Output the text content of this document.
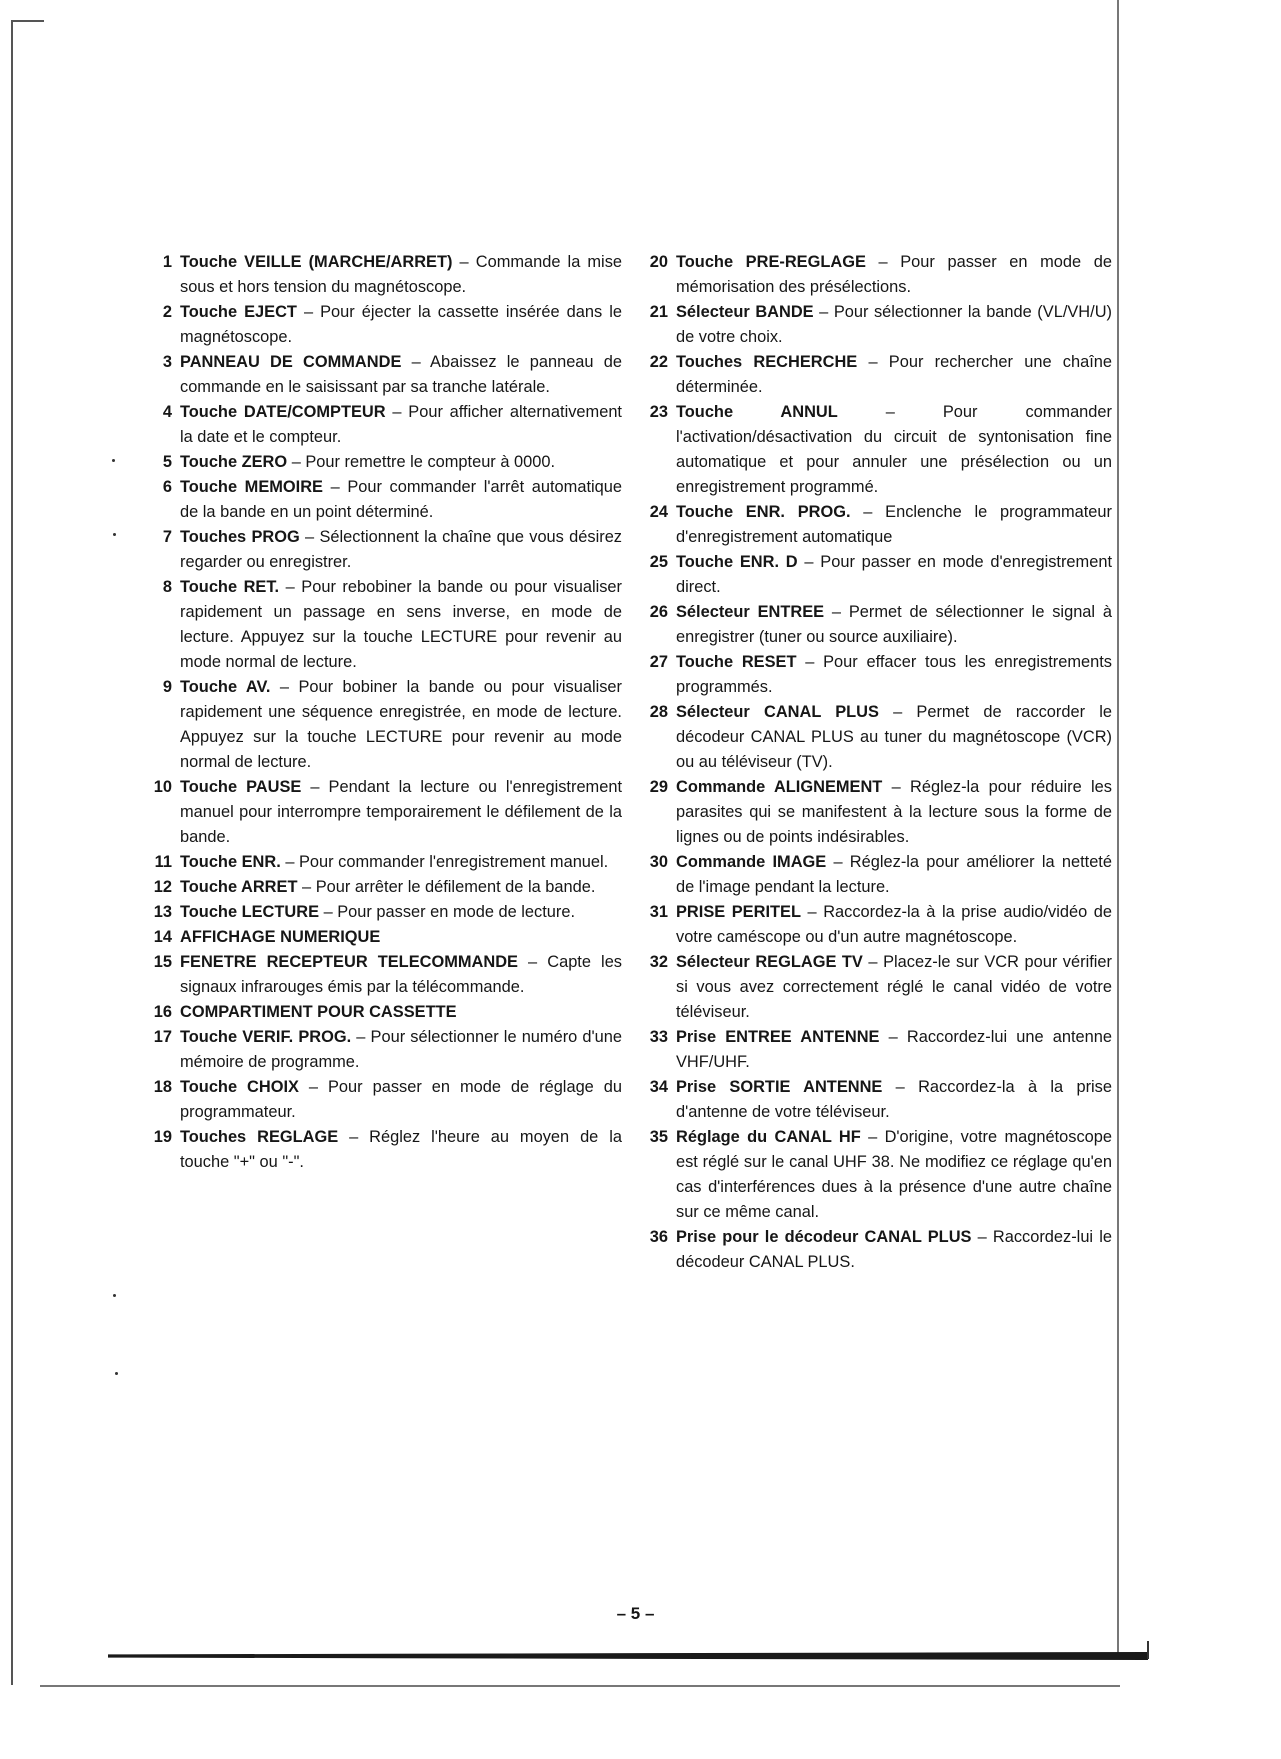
1 Touche VEILLE (MARCHE/ARRET) – Commande la mise sous et hors tension du magnétoscope.

2 Touche EJECT – Pour éjecter la cassette insérée dans le magnétoscope.

3 PANNEAU DE COMMANDE – Abaissez le panneau de commande en le saisissant par sa tranche latérale.

4 Touche DATE/COMPTEUR – Pour afficher alternativement la date et le compteur.

5 Touche ZERO – Pour remettre le compteur à 0000.

6 Touche MEMOIRE – Pour commander l'arrêt automatique de la bande en un point déterminé.

7 Touches PROG – Sélectionnent la chaîne que vous désirez regarder ou enregistrer.

8 Touche RET. – Pour rebobiner la bande ou pour visualiser rapidement un passage en sens inverse, en mode de lecture. Appuyez sur la touche LECTURE pour revenir au mode normal de lecture.

9 Touche AV. – Pour bobiner la bande ou pour visualiser rapidement une séquence enregistrée, en mode de lecture. Appuyez sur la touche LECTURE pour revenir au mode normal de lecture.

10 Touche PAUSE – Pendant la lecture ou l'enregistrement manuel pour interrompre temporairement le défilement de la bande.

11 Touche ENR. – Pour commander l'enregistrement manuel.

12 Touche ARRET – Pour arrêter le défilement de la bande.

13 Touche LECTURE – Pour passer en mode de lecture.

14 AFFICHAGE NUMERIQUE

15 FENETRE RECEPTEUR TELECOMMANDE – Capte les signaux infrarouges émis par la télécommande.

16 COMPARTIMENT POUR CASSETTE

17 Touche VERIF. PROG. – Pour sélectionner le numéro d'une mémoire de programme.

18 Touche CHOIX – Pour passer en mode de réglage du programmateur.

19 Touches REGLAGE – Réglez l'heure au moyen de la touche "+" ou "-".

20 Touche PRE-REGLAGE – Pour passer en mode de mémorisation des présélections.

21 Sélecteur BANDE – Pour sélectionner la bande (VL/VH/U) de votre choix.

22 Touches RECHERCHE – Pour rechercher une chaîne déterminée.

23 Touche ANNUL – Pour commander l'activation/désactivation du circuit de syntonisation fine automatique et pour annuler une présélection ou un enregistrement programmé.

24 Touche ENR. PROG. – Enclenche le programmateur d'enregistrement automatique

25 Touche ENR. D – Pour passer en mode d'enregistrement direct.

26 Sélecteur ENTREE – Permet de sélectionner le signal à enregistrer (tuner ou source auxiliaire).

27 Touche RESET – Pour effacer tous les enregistrements programmés.

28 Sélecteur CANAL PLUS – Permet de raccorder le décodeur CANAL PLUS au tuner du magnétoscope (VCR) ou au téléviseur (TV).

29 Commande ALIGNEMENT – Réglez-la pour réduire les parasites qui se manifestent à la lecture sous la forme de lignes ou de points indésirables.

30 Commande IMAGE – Réglez-la pour améliorer la netteté de l'image pendant la lecture.

31 PRISE PERITEL – Raccordez-la à la prise audio/vidéo de votre caméscope ou d'un autre magnétoscope.

32 Sélecteur REGLAGE TV – Placez-le sur VCR pour vérifier si vous avez correctement réglé le canal vidéo de votre téléviseur.

33 Prise ENTREE ANTENNE – Raccordez-lui une antenne VHF/UHF.

34 Prise SORTIE ANTENNE – Raccordez-la à la prise d'antenne de votre téléviseur.

35 Réglage du CANAL HF – D'origine, votre magnétoscope est réglé sur le canal UHF 38. Ne modifiez ce réglage qu'en cas d'interférences dues à la présence d'une autre chaîne sur ce même canal.

36 Prise pour le décodeur CANAL PLUS – Raccordez-lui le décodeur CANAL PLUS.

– 5 –
